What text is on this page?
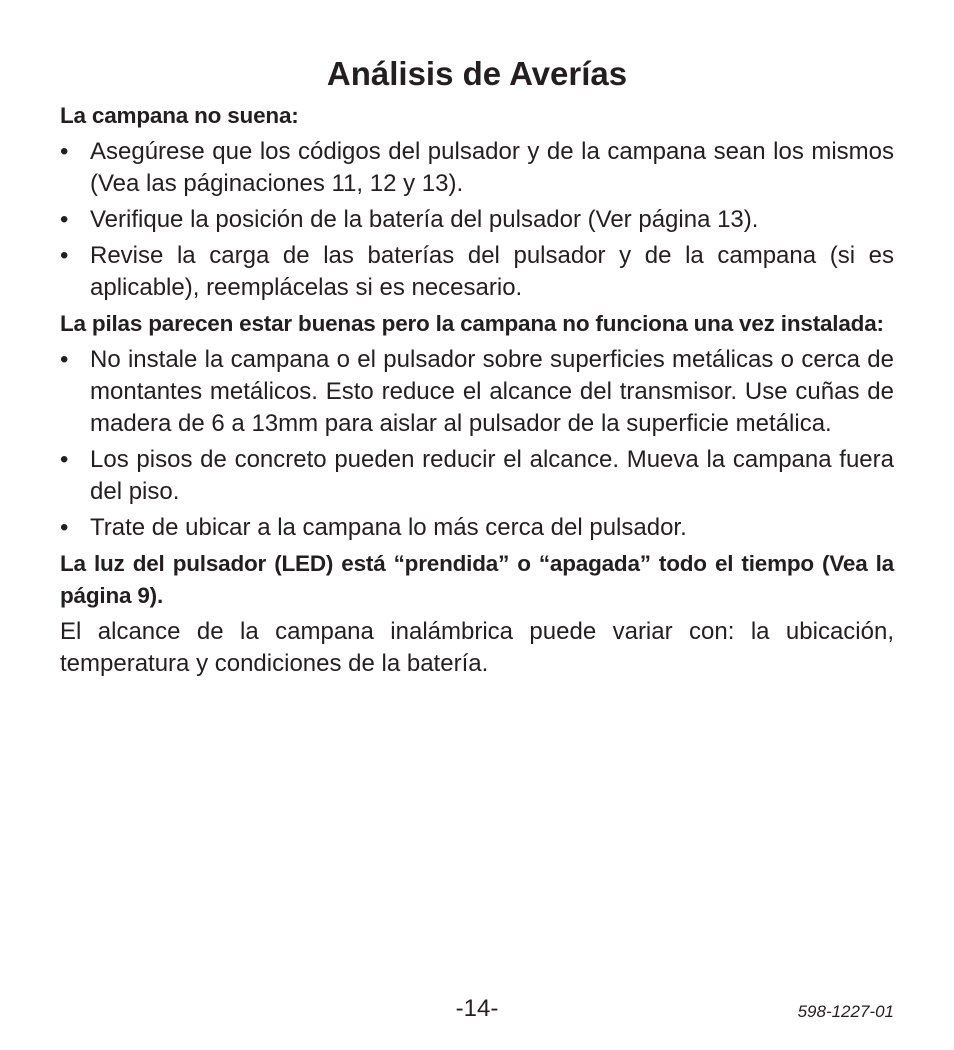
Análisis de Averías
La campana no suena:
• Asegúrese que los códigos del pulsador y de la campana sean los mismos (Vea las páginaciones 11, 12 y 13).
• Verifique la posición de la batería del pulsador (Ver página 13).
• Revise la carga de las baterías del pulsador y de la campana (si es aplicable), reemplácelas si es necesario.
La pilas parecen estar buenas pero la campana no funciona una vez instalada:
• No instale la campana o el pulsador sobre superficies metálicas o cerca de montantes metálicos. Esto reduce el alcance del transmisor. Use cuñas de madera de 6 a 13mm para aislar al pulsador de la superficie metálica.
• Los pisos de concreto pueden reducir el alcance. Mueva la campana fuera del piso.
• Trate de ubicar a la campana lo más cerca del pulsador.
La luz del pulsador (LED) está “prendida” o “apagada” todo el tiempo (Vea la página 9).

El alcance de la campana inalámbrica puede variar con: la ubicación, temperatura y condiciones de la batería.

-14-	598-1227-01
